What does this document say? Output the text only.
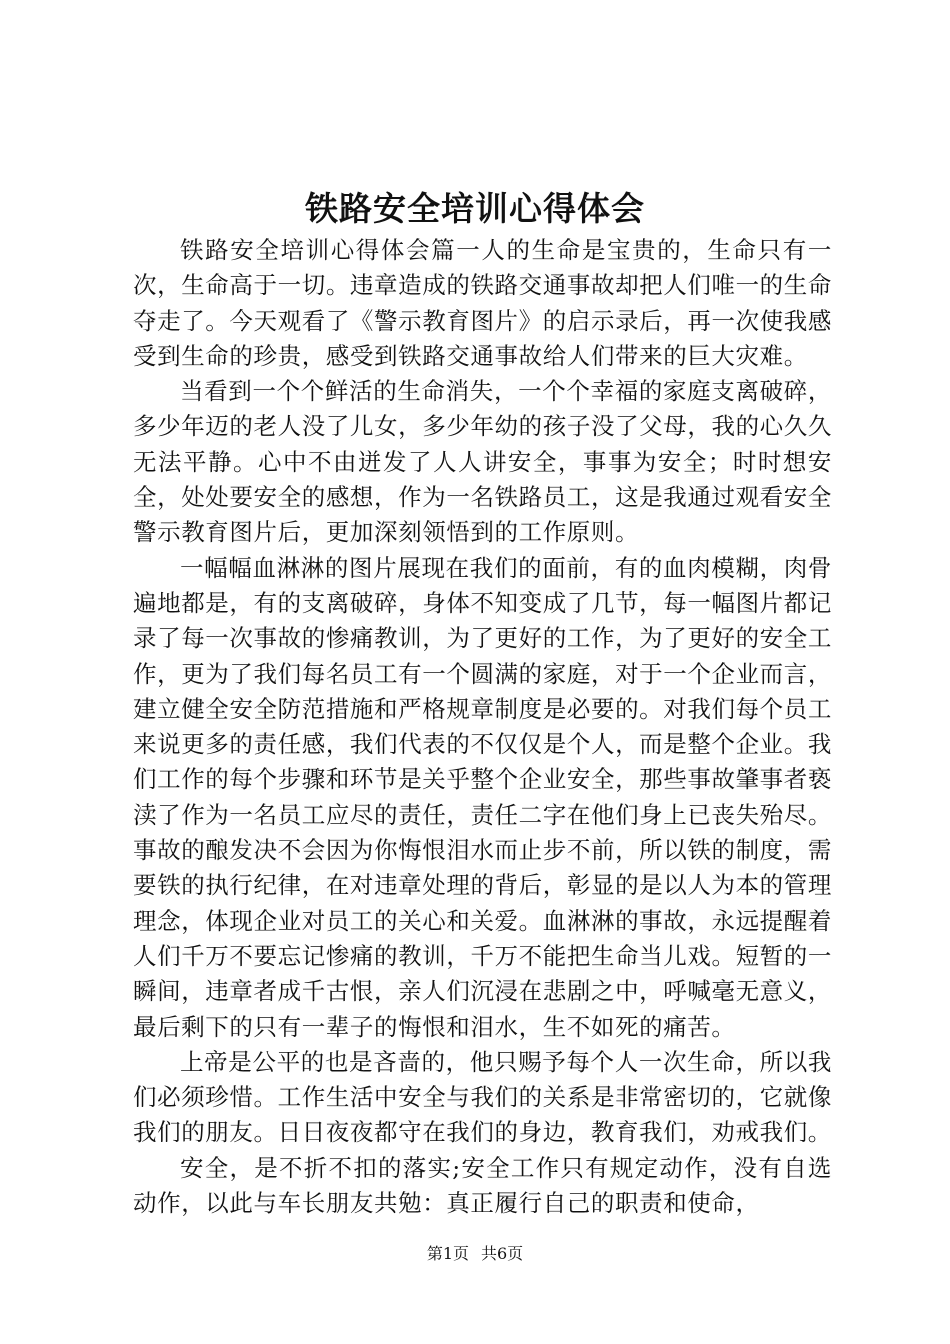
铁路安全培训心得体会

铁路安全培训心得体会篇一人的生命是宝贵的，生命只有一次，生命高于一切。违章造成的铁路交通事故却把人们唯一的生命夺走了。今天观看了《警示教育图片》的启示录后，再一次使我感受到生命的珍贵，感受到铁路交通事故给人们带来的巨大灾难。

当看到一个个鲜活的生命消失，一个个幸福的家庭支离破碎，多少年迈的老人没了儿女，多少年幼的孩子没了父母，我的心久久无法平静。心中不由迸发了人人讲安全，事事为安全；时时想安全，处处要安全的感想，作为一名铁路员工，这是我通过观看安全警示教育图片后，更加深刻领悟到的工作原则。

一幅幅血淋淋的图片展现在我们的面前，有的血肉模糊，肉骨遍地都是，有的支离破碎，身体不知变成了几节，每一幅图片都记录了每一次事故的惨痛教训，为了更好的工作，为了更好的安全工作，更为了我们每名员工有一个圆满的家庭，对于一个企业而言，建立健全安全防范措施和严格规章制度是必要的。对我们每个员工来说更多的责任感，我们代表的不仅仅是个人，而是整个企业。我们工作的每个步骤和环节是关乎整个企业安全，那些事故肇事者亵渎了作为一名员工应尽的责任，责任二字在他们身上已丧失殆尽。事故的酿发决不会因为你悔恨泪水而止步不前，所以铁的制度，需要铁的执行纪律，在对违章处理的背后，彰显的是以人为本的管理理念，体现企业对员工的关心和关爱。血淋淋的事故，永远提醒着人们千万不要忘记惨痛的教训，千万不能把生命当儿戏。短暂的一瞬间，违章者成千古恨，亲人们沉浸在悲剧之中，呼喊毫无意义，最后剩下的只有一辈子的悔恨和泪水，生不如死的痛苦。

上帝是公平的也是吝啬的，他只赐予每个人一次生命，所以我们必须珍惜。工作生活中安全与我们的关系是非常密切的，它就像我们的朋友。日日夜夜都守在我们的身边，教育我们，劝戒我们。

安全，是不折不扣的落实;安全工作只有规定动作，没有自选动作，以此与车长朋友共勉：真正履行自己的职责和使命，

第1页 共6页
